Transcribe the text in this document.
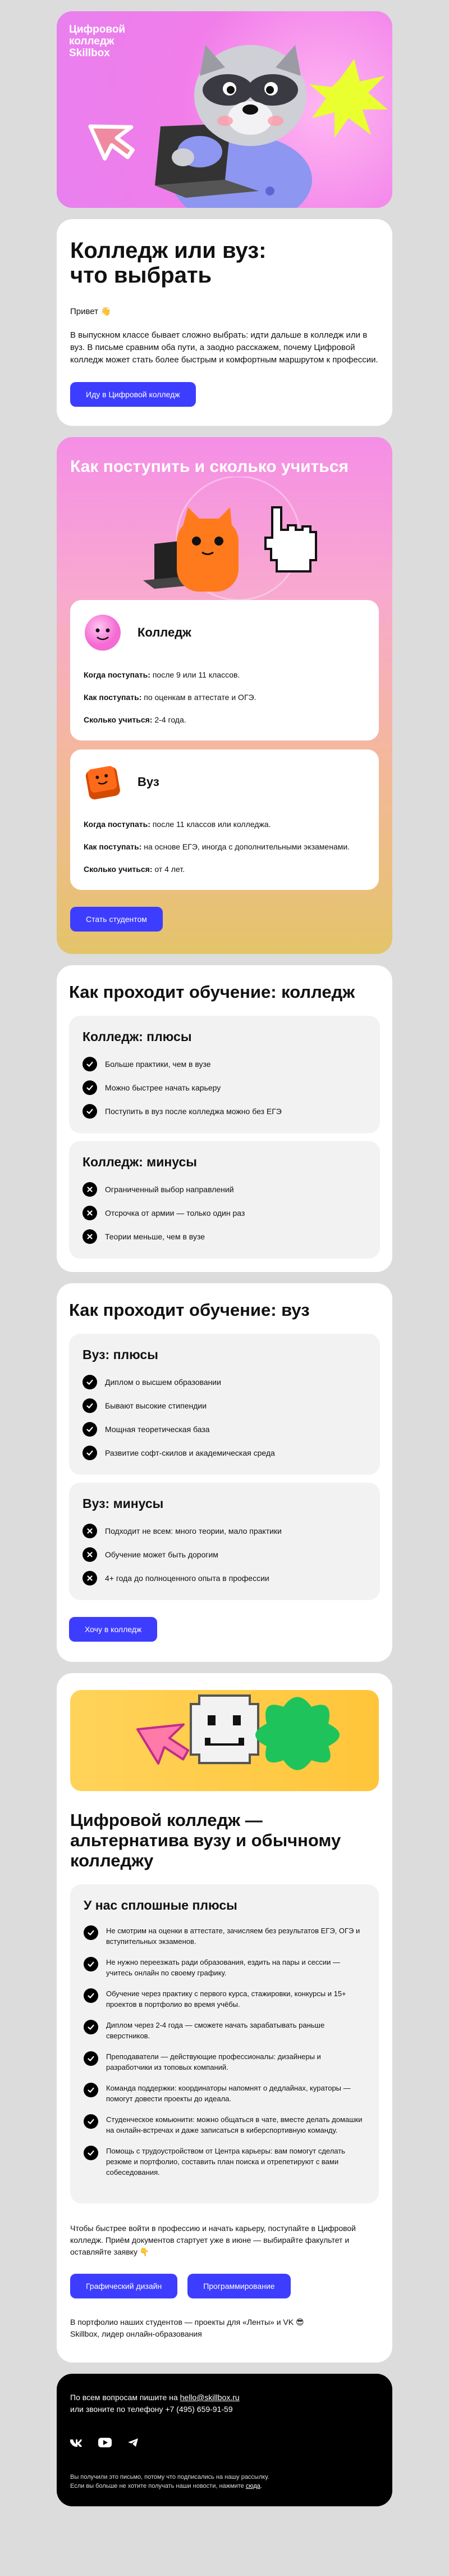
Цифровой
колледж
Skillbox
Колледж или вуз:
что выбрать

Привет 👋

В выпускном классе бывает сложно выбрать: идти дальше в колледж или в вуз. В письме сравним оба пути, а заодно расскажем, почему Цифровой колледж может стать более быстрым и комфортным маршрутом к профессии.

Иду в Цифровой колледж
Как поступить и сколько учиться
Колледж

Когда поступать: после 9 или 11 классов.

Как поступать: по оценкам в аттестате и ОГЭ.

Сколько учиться: 2-4 года.

Вуз

Когда поступать: после 11 классов или колледжа.

Как поступать: на основе ЕГЭ, иногда с дополнительными экзаменами.

Сколько учиться: от 4 лет.

Стать студентом
Как проходит обучение: колледж
Колледж: плюсы
Больше практики, чем в вузе
Можно быстрее начать карьеру
Поступить в вуз после колледжа можно без ЕГЭ
Колледж: минусы
Ограниченный выбор направлений
Отсрочка от армии — только один раз
Теории меньше, чем в вузе
Как проходит обучение: вуз
Вуз: плюсы
Диплом о высшем образовании
Бывают высокие стипендии
Мощная теоретическая база
Развитие софт-скилов и академическая среда
Вуз: минусы
Подходит не всем: много теории, мало практики
Обучение может быть дорогим
4+ года до полноценного опыта в профессии
Хочу в колледж
Цифровой колледж — альтернатива вузу и обычному колледжу
У нас сплошные плюсы
Не смотрим на оценки в аттестате, зачисляем без результатов ЕГЭ, ОГЭ и вступительных экзаменов.
Не нужно переезжать ради образования, ездить на пары и сессии — учитесь онлайн по своему графику.
Обучение через практику с первого курса, стажировки, конкурсы и 15+ проектов в портфолио во время учёбы.
Диплом через 2-4 года — сможете начать зарабатывать раньше сверстников.
Преподаватели — действующие профессионалы: дизайнеры и разработчики из топовых компаний.
Команда поддержки: координаторы напомнят о дедлайнах, кураторы — помогут довести проекты до идеала.
Студенческое комьюнити: можно общаться в чате, вместе делать домашки на онлайн-встречах и даже записаться в киберспортивную команду.
Помощь с трудоустройством от Центра карьеры: вам помогут сделать резюме и портфолио, составить план поиска и отрепетируют с вами собеседования.

Чтобы быстрее войти в профессию и начать карьеру, поступайте в Цифровой колледж. Приём документов стартует уже в июне — выбирайте факультет и оставляйте заявку 👇

Графический дизайн	Программирование

В портфолио наших студентов — проекты для «Ленты» и VK 😎

Skillbox, лидер онлайн-образования

По всем вопросам пишите на hello@skillbox.ru

или звоните по телефону +7 (495) 659-91-59

Вы получили это письмо, потому что подписались на нашу рассылку.
Если вы больше не хотите получать наши новости, нажмите сюда.
